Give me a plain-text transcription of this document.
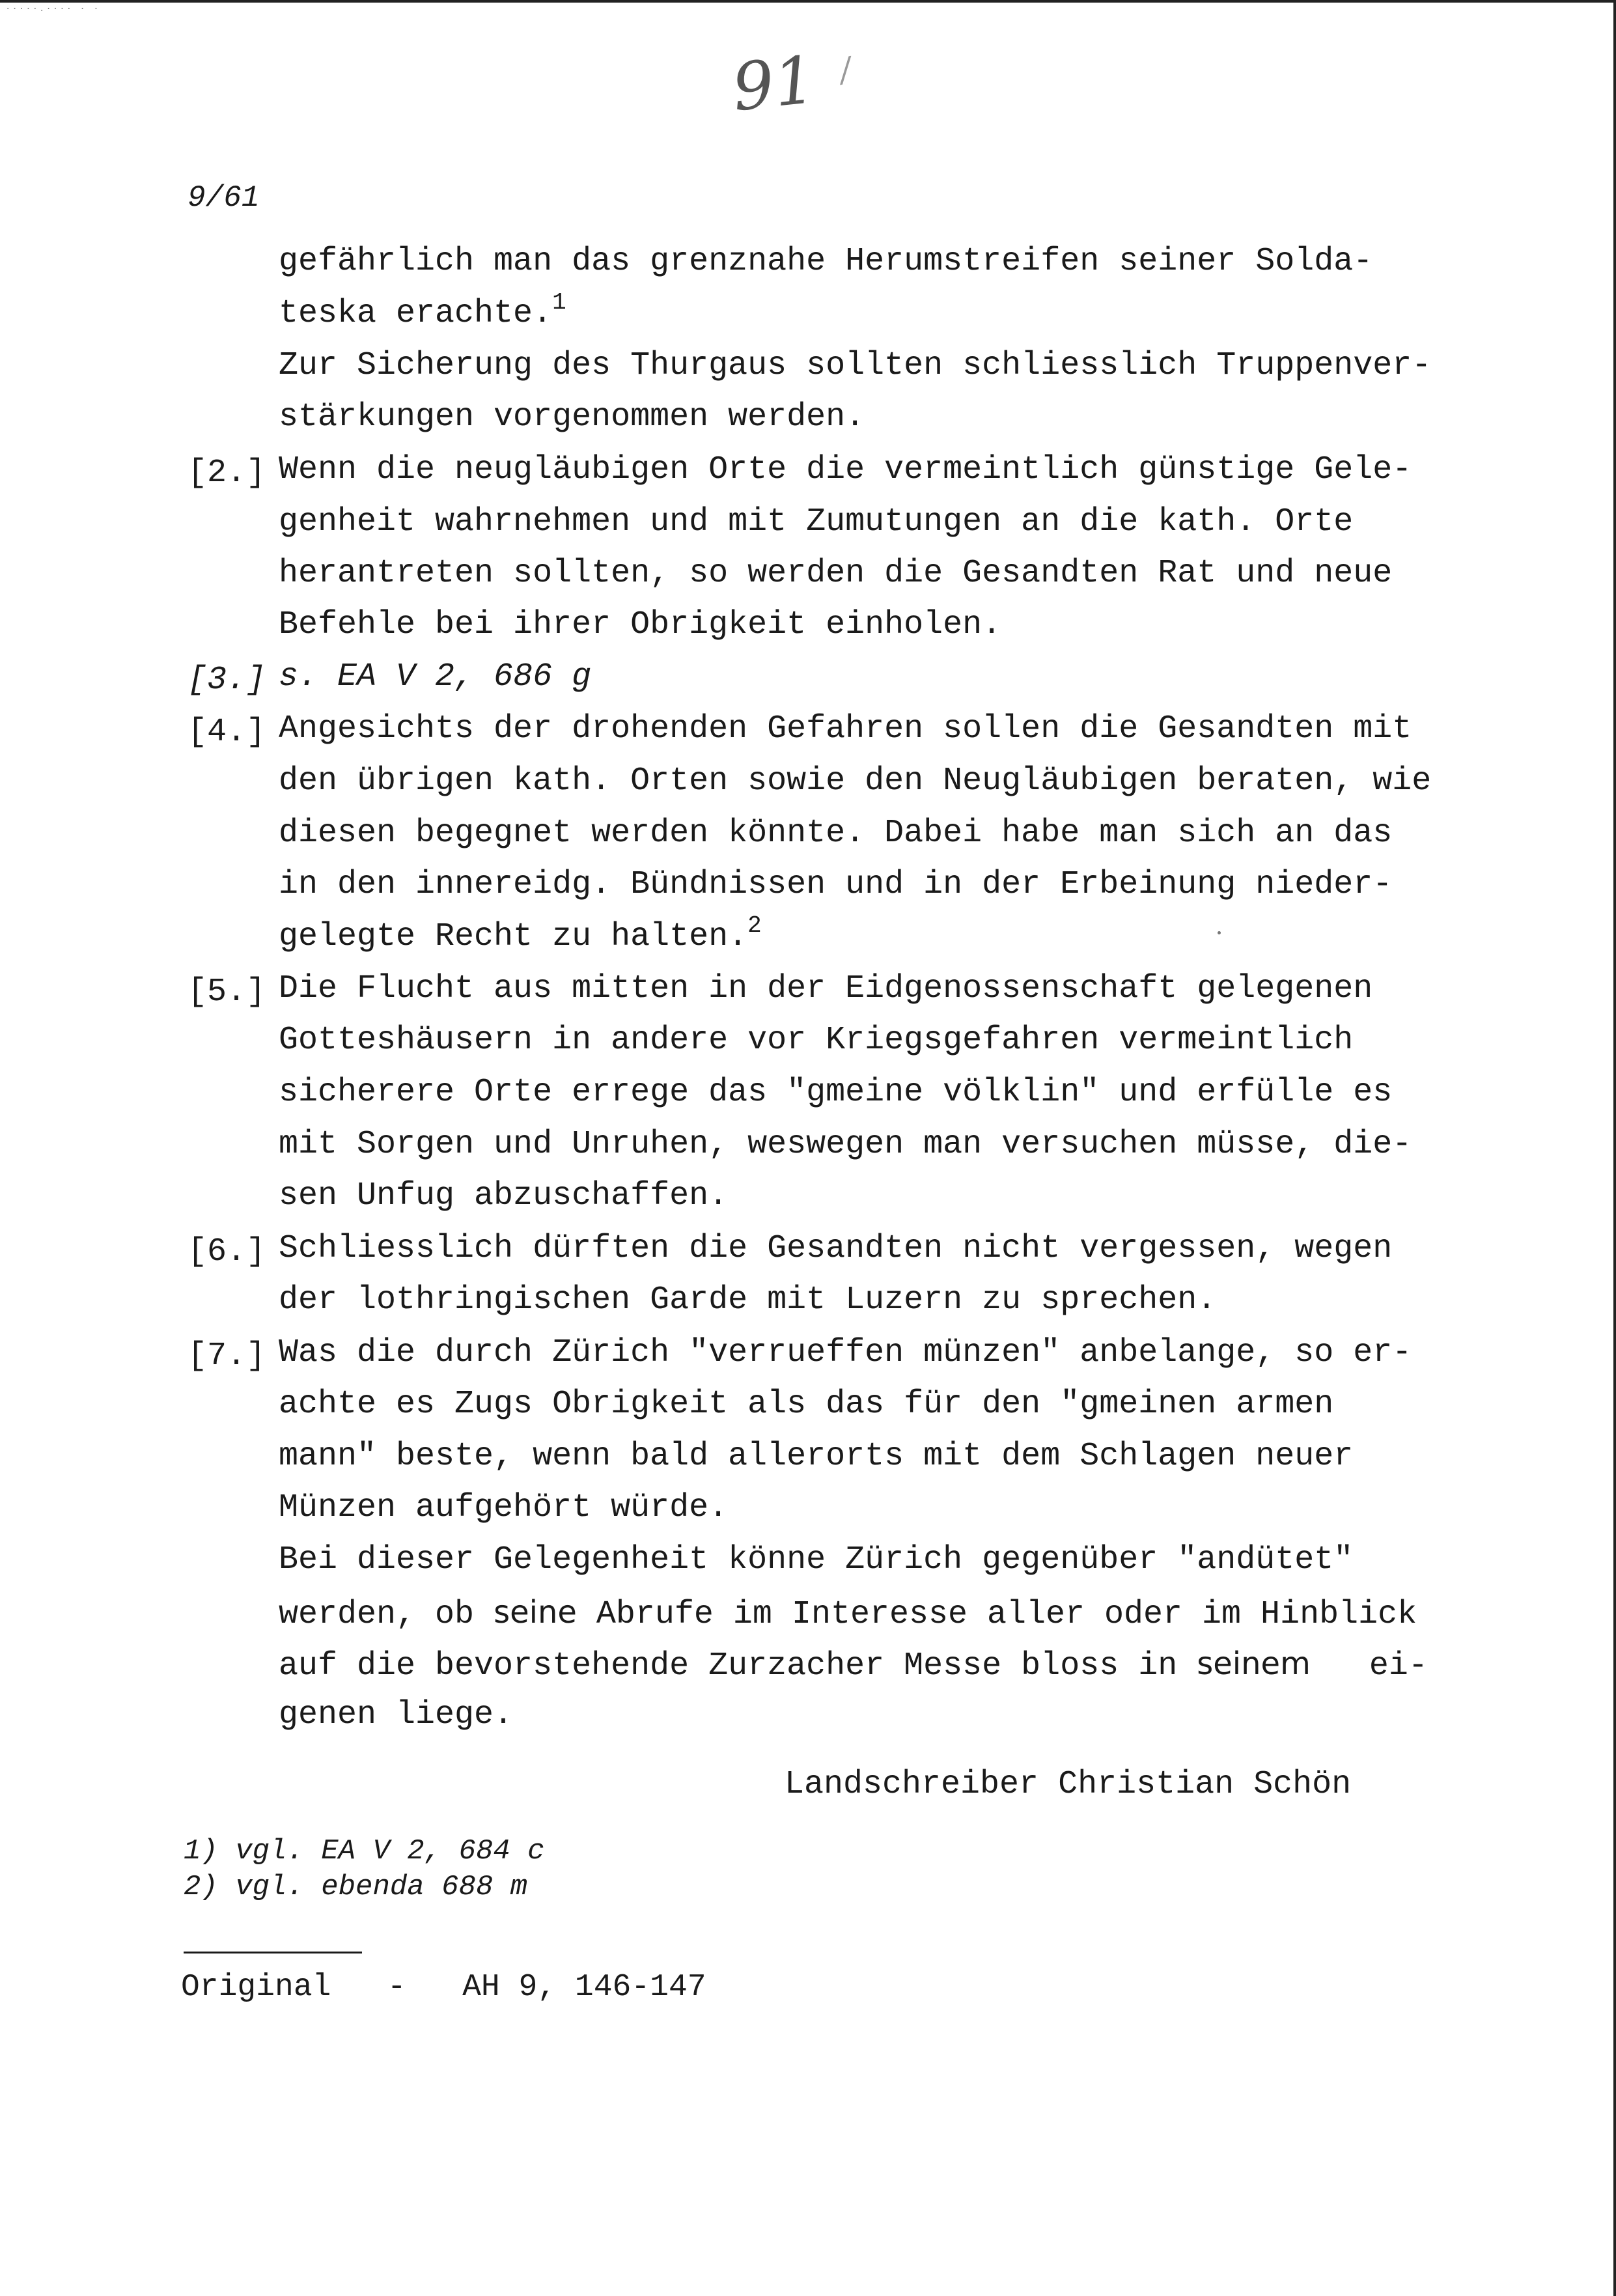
·····.···· · ·
91 /
9/61
gefährlich man das grenznahe Herumstreifen seiner Solda-
teska erachte.$^1$
Zur Sicherung des Thurgaus sollten schliesslich Truppenver-
stärkungen vorgenommen werden.
[2.] Wenn die neugläubigen Orte die vermeintlich günstige Gele-
genheit wahrnehmen und mit Zumutungen an die kath. Orte
herantreten sollten, so werden die Gesandten Rat und neue
Befehle bei ihrer Obrigkeit einholen.
[3.] s. EA V 2, 686 g
[4.] Angesichts der drohenden Gefahren sollen die Gesandten mit
den übrigen kath. Orten sowie den Neugläubigen beraten, wie
diesen begegnet werden könnte. Dabei habe man sich an das
in den innereidg. Bündnissen und in der Erbeinung nieder-
gelegte Recht zu halten.$^2$
[5.] Die Flucht aus mitten in der Eidgenossenschaft gelegenen
Gotteshäusern in andere vor Kriegsgefahren vermeintlich
sicherere Orte errege das "gmeine völklin" und erfülle es
mit Sorgen und Unruhen, weswegen man versuchen müsse, die-
sen Unfug abzuschaffen.
[6.] Schliesslich dürften die Gesandten nicht vergessen, wegen
der lothringischen Garde mit Luzern zu sprechen.
[7.] Was die durch Zürich "verrueffen münzen" anbelange, so er-
achte es Zugs Obrigkeit als das für den "gmeinen armen
mann" beste, wenn bald allerorts mit dem Schlagen neuer
Münzen aufgehört würde.
Bei dieser Gelegenheit könne Zürich gegenüber "andütet"
werden, ob seine Abrufe im Interesse aller oder im Hinblick
auf die bevorstehende Zurzacher Messe bloss in seinem   ei-
genen liege.
Landschreiber Christian Schön
1) vgl. EA V 2, 684 c
2) vgl. ebenda 688 m
Original - AH 9, 146-147
